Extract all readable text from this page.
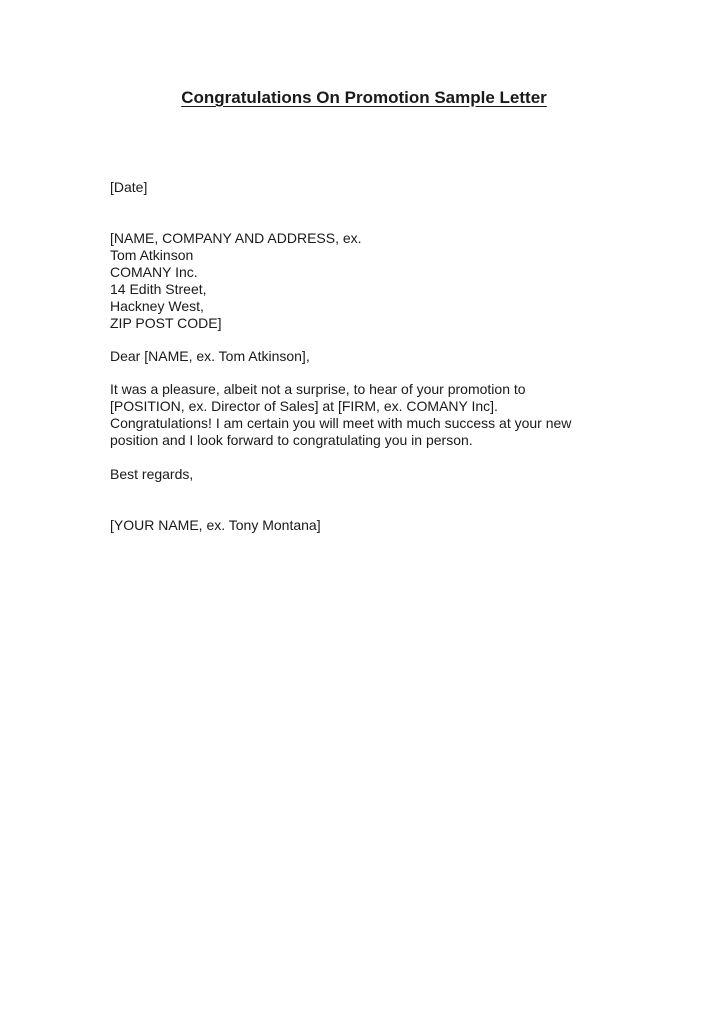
Congratulations On Promotion Sample Letter

[Date]

[NAME, COMPANY AND ADDRESS, ex.
Tom Atkinson
COMANY Inc.
14 Edith Street,
Hackney West,
ZIP POST CODE]

Dear [NAME, ex. Tom Atkinson],

It was a pleasure, albeit not a surprise, to hear of your promotion to
[POSITION, ex. Director of Sales] at [FIRM, ex. COMANY Inc].
Congratulations! I am certain you will meet with much success at your new
position and I look forward to congratulating you in person.

Best regards,

[YOUR NAME, ex. Tony Montana]
